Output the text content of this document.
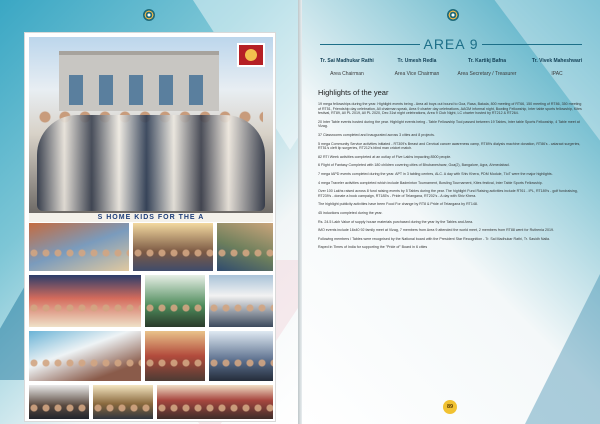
S HOME KIDS FOR THE A
AREA 9
Tr. Sai Madhukar Rathi
Area Chairman
Tr. Umesh Redla
Area Vice Chairman
Tr. Kartikj Bafna
Area Secretary / Treasurer
Tr. Vivek Maheshwari
IPAC
Highlights of the year

19 mega fellowships during the year. Highlight events being - Area all boys out bound to Goa, Rasa, Bakala, 800 meeting of RT66, 150 meeting of RT86, 350 meeting of RT51, Friendship day celebration, All chairman speak, Area 9 charter day celebrations, AAGM informal night, Bowling Fellowship, Inter table sports fellowship, Kites festival, RT89, All PL 2019, All PL 2020, Dec 31st night celebrations, Area 9 Club Night, LC charter hosted by RT212 & RT264.

20 Inter Table events hosted during the year. Highlight events being - Table Fellowship Tool passed between 19 Tables, Inter table Sports Fellowship, 4 Table meet at Vizag.

37 Classrooms completed and inaugurated across 3 cities and 8 projects.

5 mega Community Service activities initiated - RT309's Breast and Cervical cancer awareness camp, RT89's dialysis machine donation, RT86's - cataract surgeries, RT51's cleft lip surgeries, RT212's blind man cricket match.

82 RTI Week activities completed at an outlay of Five Lakhs impacting 8500 people.

6 Flight of Fantasy Completed with 180 children covering cities of Bhubaneshwar, Goa(2), Bangalore, Agra, Ahmedabad.

7 mega IAPD events completed during the year. APT in 3 tabling centres, ALC. A day with Shiv Khera, PDM Module, TIoT were the major highlights.

4 mega Traveler activities completed which include Badminton Tournament, Bowling Tournament, Kites festival, Inter Table Sports Fellowship.

Over 100 Lakhs raised across 8 fund raising events by 5 Tables during the year. The highlight Fund Raising activities include RT61 - IPL, RT189's - golf fundraising, RT239's - donate a book campaign, RT185's - Pride of Telangana, RT202's - A day with Shiv Khera.

The highlight publicity activities have been Food For change by RT8 & Pride of Telangana by RT148.

45 inductions completed during the year.

Rs. 24.5 Lakh Value of supply house materials purchased during the year by the Tables and Area.

IMO events include 16x40 92 family meet at Vizag, 7 members from Area 9 attended the world meet, 2 members from RT88 went for Ruthenia 2019.

Following members / Tables were recognised by the National board with the President Star Recognition - Tr. Sai Madhukar Rathi, Tr. Sasidh Naila.

Raped in Times of India for supporting the "Pride of" Board in 6 cities

89
